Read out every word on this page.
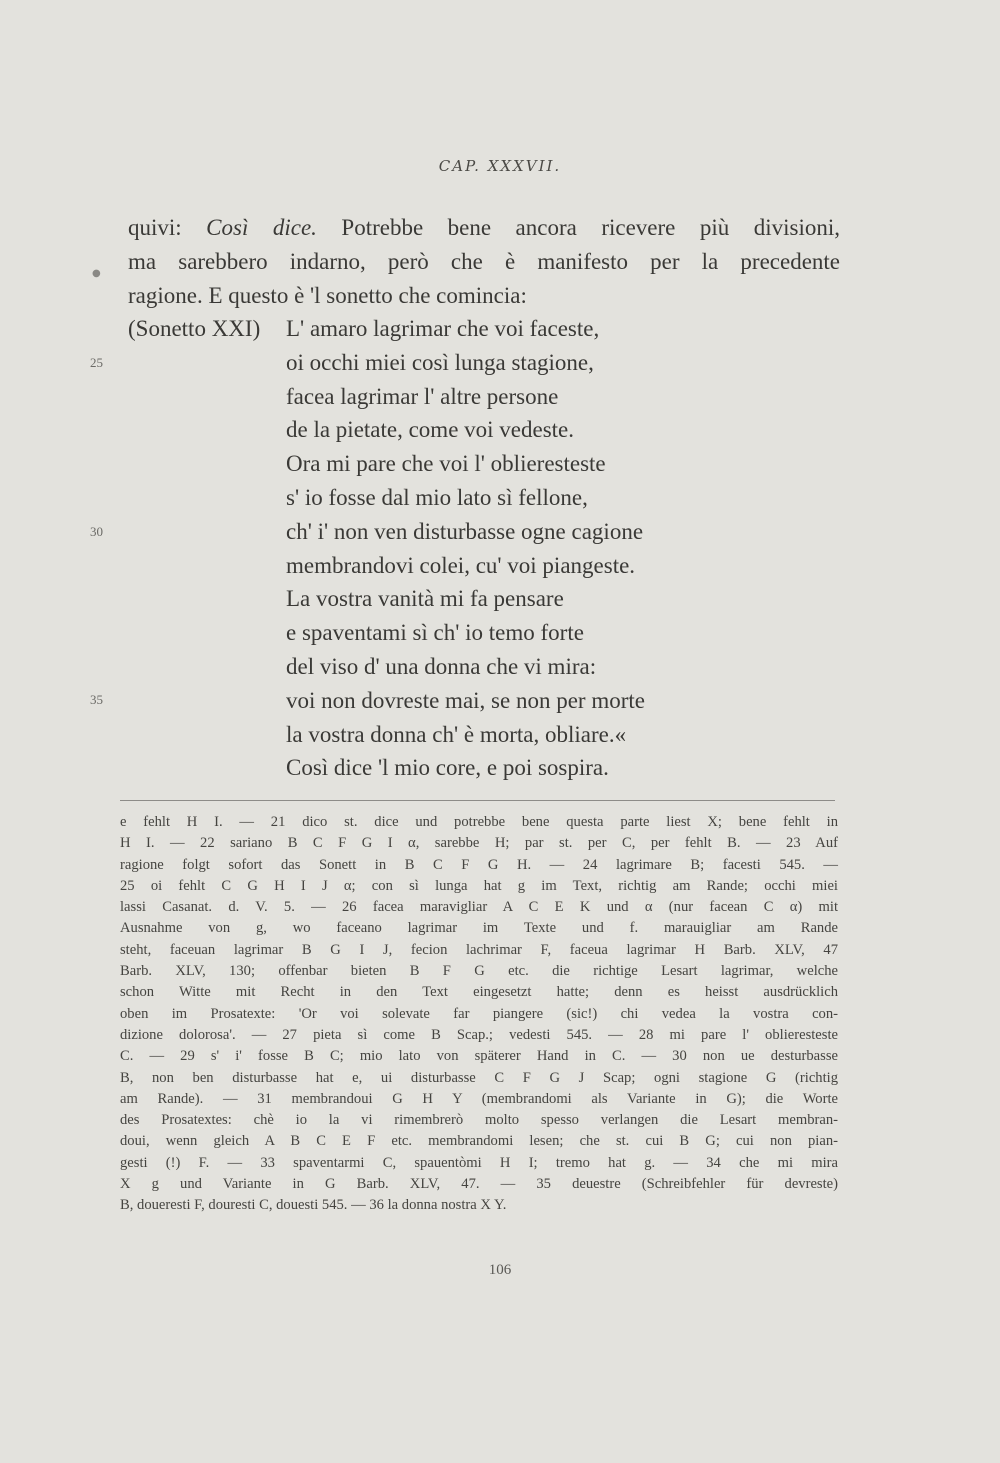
CAP. XXXVII.
quivi: Così dice. Potrebbe bene ancora ricevere più divisioni,
ma sarebbero indarno, però che è manifesto per la precedente
ragione. E questo è 'l sonetto che comincia:
●
(Sonetto XXI) L' amaro lagrimar che voi faceste,
oi occhi miei così lunga stagione,
facea lagrimar l' altre persone
de la pietate, come voi vedeste.
Ora mi pare che voi l' oblieresteste
s' io fosse dal mio lato sì fellone,
ch' i' non ven disturbasse ogne cagione
membrandovi colei, cu' voi piangeste.
La vostra vanità mi fa pensare
e spaventami sì ch' io temo forte
del viso d' una donna che vi mira:
voi non dovreste mai, se non per morte
la vostra donna ch' è morta, obliare.«
Così dice 'l mio core, e poi sospira.
25
30
35
e fehlt H I. — 21 dico st. dice und potrebbe bene questa parte liest X; bene fehlt in
H I. — 22 sariano B C F G I α, sarebbe H; par st. per C, per fehlt B. — 23 Auf
ragione folgt sofort das Sonett in B C F G H. — 24 lagrimare B; facesti 545. —
25 oi fehlt C G H I J α; con sì lunga hat g im Text, richtig am Rande; occhi miei
lassi Casanat. d. V. 5. — 26 facea maravigliar A C E K und α (nur facean C α) mit
Ausnahme von g, wo faceano lagrimar im Texte und f. marauigliar am Rande
steht, faceuan lagrimar B G I J, fecion lachrimar F, faceua lagrimar H Barb. XLV, 47
Barb. XLV, 130; offenbar bieten B F G etc. die richtige Lesart lagrimar, welche
schon Witte mit Recht in den Text eingesetzt hatte; denn es heisst ausdrücklich
oben im Prosatexte: 'Or voi solevate far piangere (sic!) chi vedea la vostra con-
dizione dolorosa'. — 27 pieta sì come B Scap.; vedesti 545. — 28 mi pare l' oblieresteste
C. — 29 s' i' fosse B C; mio lato von späterer Hand in C. — 30 non ue desturbasse
B, non ben disturbasse hat e, ui disturbasse C F G J Scap; ogni stagione G (richtig
am Rande). — 31 membrandoui G H Y (membrandomi als Variante in G); die Worte
des Prosatextes: chè io la vi rimembrerò molto spesso verlangen die Lesart membran-
doui, wenn gleich A B C E F etc. membrandomi lesen; che st. cui B G; cui non pian-
gesti (!) F. — 33 spaventarmi C, spauentòmi H I; tremo hat g. — 34 che mi mira
X g und Variante in G Barb. XLV, 47. — 35 deuestre (Schreibfehler für devreste)
B, doueresti F, douresti C, douesti 545. — 36 la donna nostra X Y.
106
